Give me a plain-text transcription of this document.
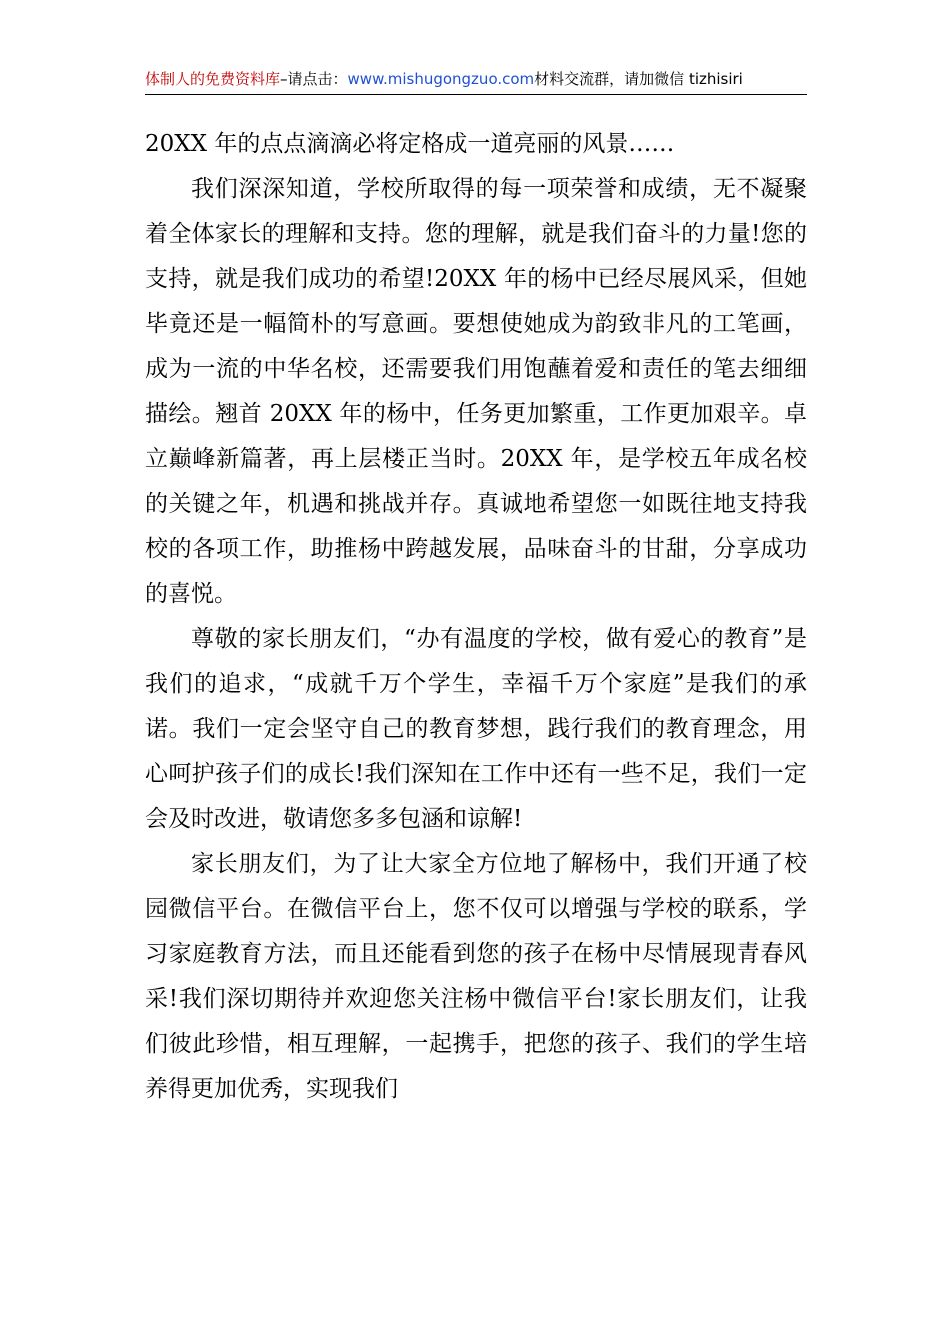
体制人的免费资料库–请点击：www.mishugongzuo.com材料交流群，请加微信 tizhisiri

20XX 年的点点滴滴必将定格成一道亮丽的风景……

我们深深知道，学校所取得的每一项荣誉和成绩，无不凝聚着全体家长的理解和支持。您的理解，就是我们奋斗的力量!您的支持，就是我们成功的希望!20XX 年的杨中已经尽展风采，但她毕竟还是一幅简朴的写意画。要想使她成为韵致非凡的工笔画，成为一流的中华名校，还需要我们用饱蘸着爱和责任的笔去细细描绘。翘首 20XX 年的杨中，任务更加繁重，工作更加艰辛。卓立巅峰新篇著，再上层楼正当时。20XX 年，是学校五年成名校的关键之年，机遇和挑战并存。真诚地希望您一如既往地支持我校的各项工作，助推杨中跨越发展，品味奋斗的甘甜，分享成功的喜悦。

尊敬的家长朋友们，“办有温度的学校，做有爱心的教育”是我们的追求，“成就千万个学生，幸福千万个家庭”是我们的承诺。我们一定会坚守自己的教育梦想，践行我们的教育理念，用心呵护孩子们的成长!我们深知在工作中还有一些不足，我们一定会及时改进，敬请您多多包涵和谅解!

家长朋友们，为了让大家全方位地了解杨中，我们开通了校园微信平台。在微信平台上，您不仅可以增强与学校的联系，学习家庭教育方法，而且还能看到您的孩子在杨中尽情展现青春风采!我们深切期待并欢迎您关注杨中微信平台!家长朋友们，让我们彼此珍惜，相互理解，一起携手，把您的孩子、我们的学生培养得更加优秀，实现我们
